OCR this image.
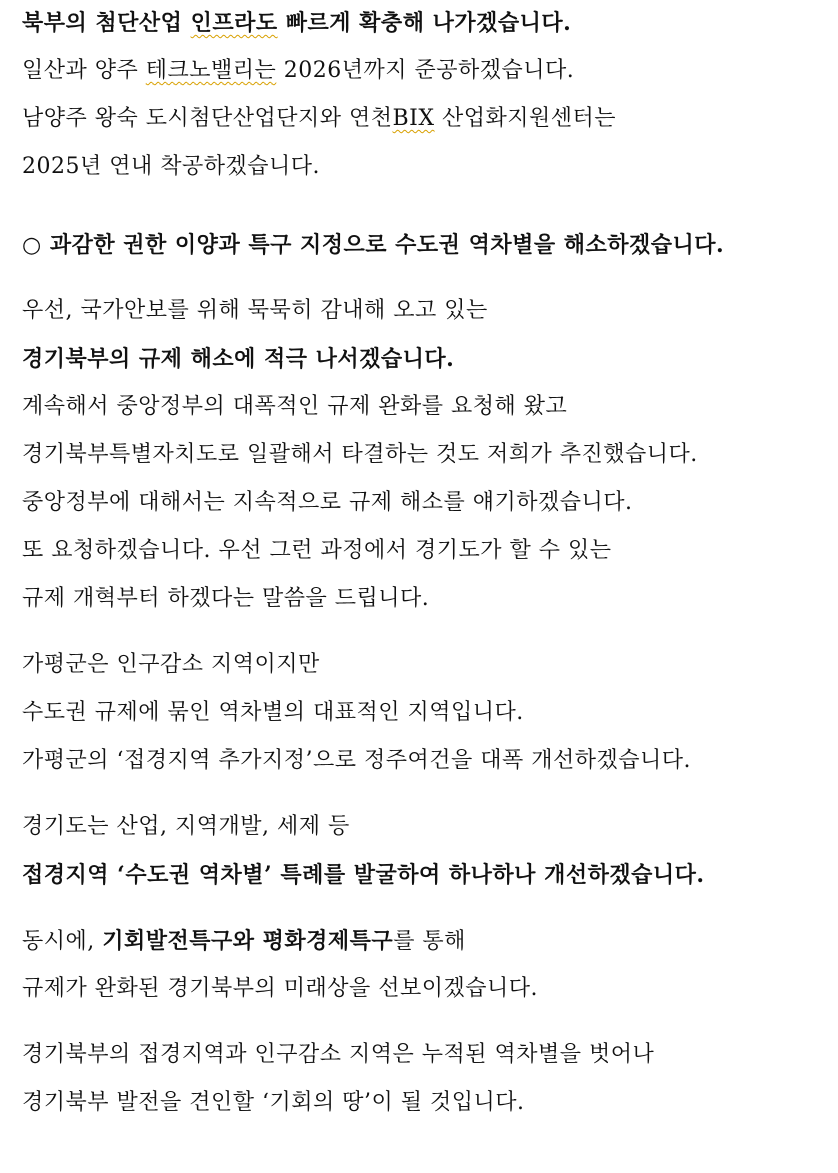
북부의 첨단산업 인프라도 빠르게 확충해 나가겠습니다.
일산과 양주 테크노밸리는 2026년까지 준공하겠습니다.
남양주 왕숙 도시첨단산업단지와 연천BIX 산업화지원센터는
2025년 연내 착공하겠습니다.
○ 과감한 권한 이양과 특구 지정으로 수도권 역차별을 해소하겠습니다.
우선, 국가안보를 위해 묵묵히 감내해 오고 있는
경기북부의 규제 해소에 적극 나서겠습니다.
계속해서 중앙정부의 대폭적인 규제 완화를 요청해 왔고
경기북부특별자치도로 일괄해서 타결하는 것도 저희가 추진했습니다.
중앙정부에 대해서는 지속적으로 규제 해소를 얘기하겠습니다.
또 요청하겠습니다. 우선 그런 과정에서 경기도가 할 수 있는
규제 개혁부터 하겠다는 말씀을 드립니다.
가평군은 인구감소 지역이지만
수도권 규제에 묶인 역차별의 대표적인 지역입니다.
가평군의 ‘접경지역 추가지정’으로 정주여건을 대폭 개선하겠습니다.
경기도는 산업, 지역개발, 세제 등
접경지역 ‘수도권 역차별’ 특례를 발굴하여 하나하나 개선하겠습니다.
동시에, 기회발전특구와 평화경제특구를 통해
규제가 완화된 경기북부의 미래상을 선보이겠습니다.
경기북부의 접경지역과 인구감소 지역은 누적된 역차별을 벗어나
경기북부 발전을 견인할 ‘기회의 땅’이 될 것입니다.
